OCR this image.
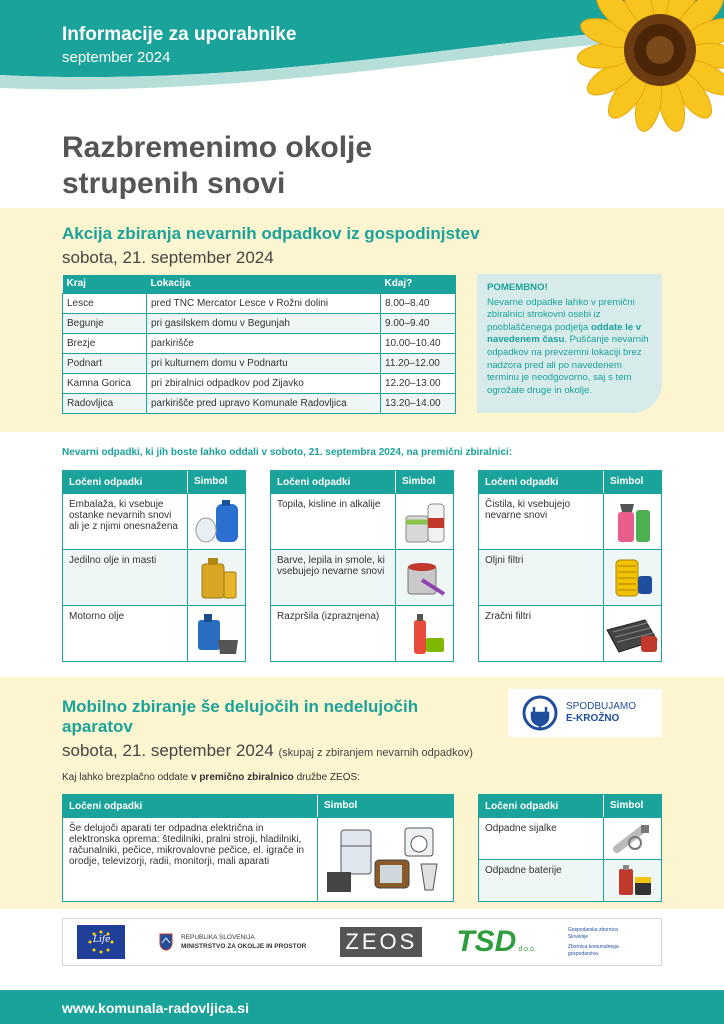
Informacije za uporabnike
september 2024
Razbremenimo okolje
strupenih snovi
Akcija zbiranja nevarnih odpadkov iz gospodinjstev
sobota, 21. september 2024
Kraj	Lokacija	Kdaj?
Lesce	pred TNC Mercator Lesce v Rožni dolini	8.00–8.40
Begunje	pri gasilskem domu v Begunjah	9.00–9.40
Brezje	parkirišče	10.00–10.40
Podnart	pri kulturnem domu v Podnartu	11.20–12.00
Kamna Gorica	pri zbiralnici odpadkov pod Zijavko	12.20–13.00
Radovljica	parkirišče pred upravo Komunale Radovljica	13.20–14.00
POMEMBNO!
Nevarne odpadke lahko v premični zbiralnici strokovni osebi iz pooblaščenega podjetja oddate le v navedenem času. Puščanje nevarnih odpadkov na prevzemni lokaciji brez nadzora pred ali po navedenem terminu je neodgovorno, saj s tem ogrožate druge in okolje.
Nevarni odpadki, ki jih boste lahko oddali v soboto, 21. septembra 2024, na premični zbiralnici:
Ločeni odpadki	Simbol
Embalaža, ki vsebuje ostanke nevarnih snovi ali je z njimi onesnažena
Jedilno olje in masti
Motorno olje
Ločeni odpadki	Simbol
Topila, kisline in alkalije
Barve, lepila in smole, ki vsebujejo nevarne snovi
Razpršila (izpraznjena)
Ločeni odpadki	Simbol
Čistila, ki vsebujejo nevarne snovi
Oljni filtri
Zračni filtri
Mobilno zbiranje še delujočih in nedelujočih aparatov
sobota, 21. september 2024 (skupaj z zbiranjem nevarnih odpadkov)
Kaj lahko brezplačno oddate v premično zbiralnico družbe ZEOS:
SPODBUJAMO
E-KROŽNO
Ločeni odpadki	Simbol
Še delujoči aparati ter odpadna električna in elektronska oprema: štedilniki, pralni stroji, hladilniki, računalniki, pečice, mikrovalovne pečice, el. igrače in orodje, televizorji, radii, monitorji, mali aparati
Ločeni odpadki	Simbol
Odpadne sijalke
Odpadne baterije
Life	REPUBLIKA SLOVENIJA
MINISTRSTVO ZA OKOLJE IN PROSTOR ZEOS TSD d.o.o.
Gospodarska zbornica Slovenije
Zbornica komunalnega gospodarstva
www.komunala-radovljica.si
